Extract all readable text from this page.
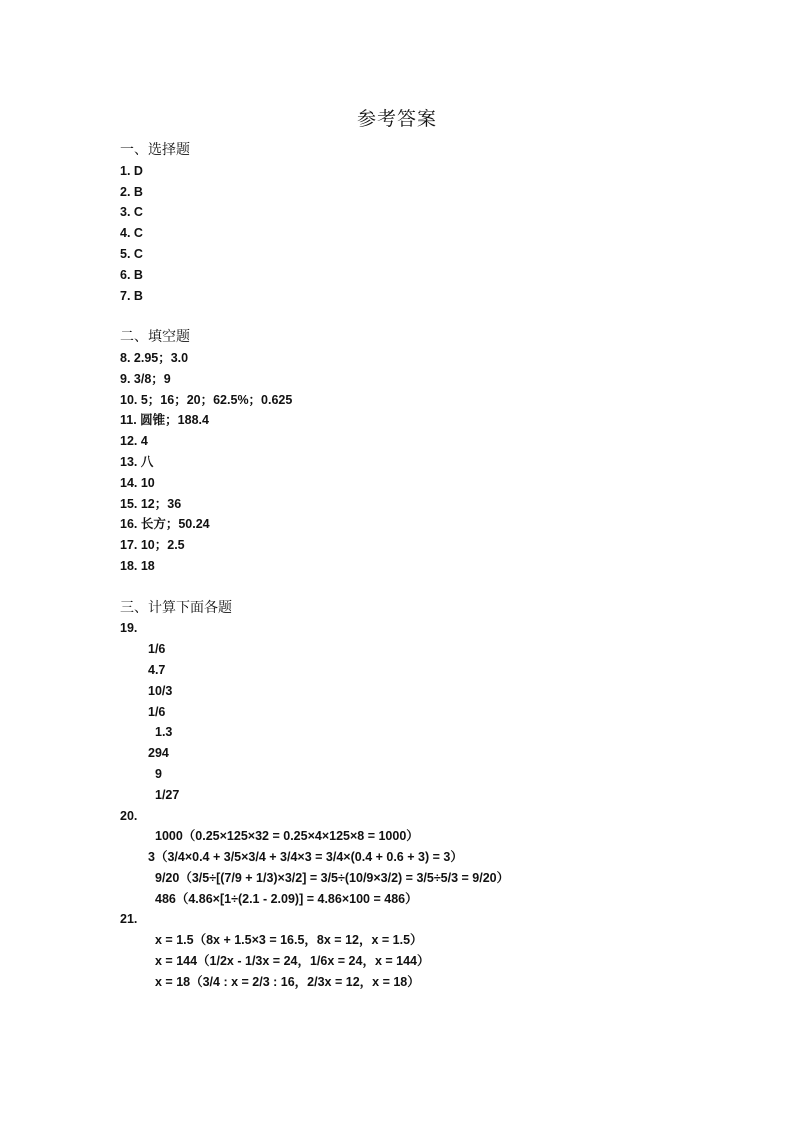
参考答案
一、选择题
1. D
2. B
3. C
4. C
5. C
6. B
7. B
二、填空题
8. 2.95；3.0
9. 3/8；9
10. 5；16；20；62.5%；0.625
11. 圆锥；188.4
12. 4
13. 八
14. 10
15. 12；36
16. 长方；50.24
17. 10；2.5
18. 18
三、计算下面各题
19.
1/6
4.7
10/3
1/6
1.3
294
9
1/27
20.
1000（0.25×125×32 = 0.25×4×125×8 = 1000）
3（3/4×0.4 + 3/5×3/4 + 3/4×3 = 3/4×(0.4 + 0.6 + 3) = 3）
9/20（3/5÷[(7/9 + 1/3)×3/2] = 3/5÷(10/9×3/2) = 3/5÷5/3 = 9/20）
486（4.86×[1÷(2.1 - 2.09)] = 4.86×100 = 486）
21.
x = 1.5（8x + 1.5×3 = 16.5，8x = 12，x = 1.5）
x = 144（1/2x - 1/3x = 24，1/6x = 24，x = 144）
x = 18（3/4 : x = 2/3 : 16，2/3x = 12，x = 18）
